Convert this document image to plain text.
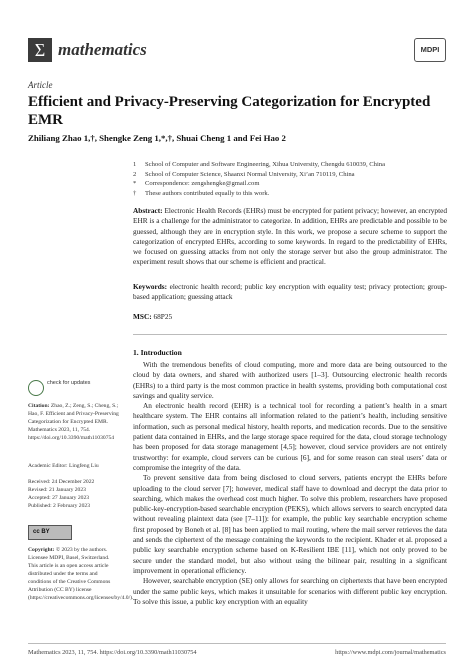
Σ mathematics	MDPI
Article
Efficient and Privacy-Preserving Categorization for Encrypted EMR
Zhiliang Zhao 1,†, Shengke Zeng 1,*,†, Shuai Cheng 1 and Fei Hao 2
1	School of Computer and Software Engineering, Xihua University, Chengdu 610039, China
2	School of Computer Science, Shaanxi Normal University, Xi’an 710119, China
*	Correspondence: zengshengke@gmail.com
†	These authors contributed equally to this work.

Abstract: Electronic Health Records (EHRs) must be encrypted for patient privacy; however, an encrypted EHR is a challenge for the administrator to categorize. In addition, EHRs are predictable and possible to be guessed, although they are in encryption style. In this work, we propose a secure scheme to support the categorization of encrypted EHRs, according to some keywords. In regard to the predictability of EHRs, we focused on guessing attacks from not only the storage server but also the group administrator. The experiment result shows that our scheme is efficient and practical.

Keywords: electronic health record; public key encryption with equality test; privacy protection; group-based application; guessing attack

MSC: 68P25

1. Introduction

With the tremendous benefits of cloud computing, more and more data are being outsourced to the cloud by data owners, and shared with authorized users [1–3]. Outsourcing electronic health records (EHRs) to a third party is the most common practice in health systems, providing both computational cost savings and quality service.

An electronic health record (EHR) is a technical tool for recording a patient’s health in a smart healthcare system. The EHR contains all information related to the patient’s health, including sensitive information, such as personal medical history, health reports, and medication records. Due to the sensitive patient data contained in EHRs, and the large storage space required for the data, cloud storage technology has been proposed for data storage management [4,5]; however, cloud service providers are not entirely trustworthy: for example, cloud servers can be curious [6], and for some reason can steal users’ data or compromise the integrity of the data.

To prevent sensitive data from being disclosed to cloud servers, patients encrypt the EHRs before uploading to the cloud server [7]; however, medical staff have to download and decrypt the data prior to searching, which makes the overhead cost much higher. To solve this problem, researchers have proposed public-key-encryption-based searchable encryption (PEKS), which allows servers to search encrypted data without revealing plaintext data (see [7–11]): for example, the public key searchable encryption scheme first proposed by Boneh et al. [8] has been applied to mail routing, where the mail server retrieves the data and sends the ciphertext of the message containing the keywords to the recipient. Khader et al. proposed a public key searchable encryption scheme based on K-Resilient IBE [11], which not only proved to be secure under the standard model, but also without using the bilinear pair, resulting in a significant improvement in operational efficiency.

However, searchable encryption (SE) only allows for searching on ciphertexts that have been encrypted under the same public keys, which makes it unsuitable for scenarios with different public key encryption. To solve this issue, a public key encryption with an equality

check for updates
Citation: Zhao, Z.; Zeng, S.; Cheng, S.; Hao, F. Efficient and Privacy-Preserving Categorization for Encrypted EMR. Mathematics 2023, 11, 754. https://doi.org/10.3390/math11030754
Academic Editor: Lingfeng Liu
Received: 24 December 2022
Revised: 21 January 2023
Accepted: 27 January 2023
Published: 2 February 2023
cc BY
Copyright: © 2023 by the authors. Licensee MDPI, Basel, Switzerland. This article is an open access article distributed under the terms and conditions of the Creative Commons Attribution (CC BY) license (https://creativecommons.org/licenses/by/4.0/).
Mathematics 2023, 11, 754. https://doi.org/10.3390/math11030754	https://www.mdpi.com/journal/mathematics
